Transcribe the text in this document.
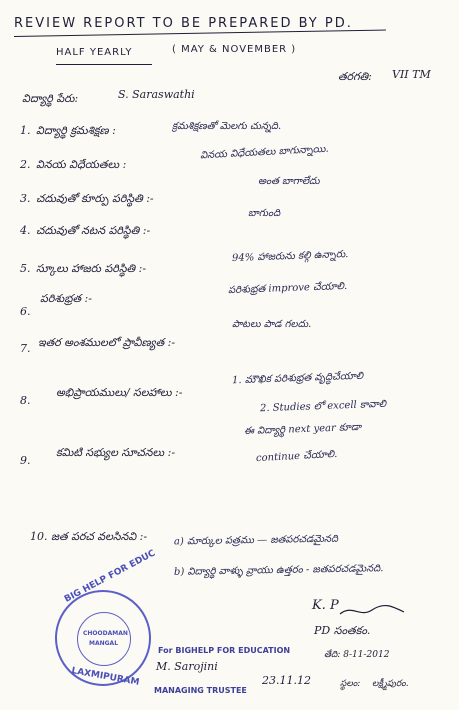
REVIEW REPORT TO BE PREPARED BY PD.
HALF YEARLY	( MAY & NOVEMBER )
విద్యార్థి పేరు:	S. Saraswathi
తరగతి: VII TM
1. విద్యార్థి క్రమశిక్షణ :	క్రమశిక్షణతో మెలగు చున్నది.
2. వినయ విధేయతలు :
వినయ విధేయతలు బాగున్నాయి.
3. చదువుతో కూర్పు పరిస్థితి :-
అంత బాగాలేదు
4. చదువుతో నటన పరిస్థితి :-
బాగుంది
5. స్కూలు హాజరు పరిస్థితి :-
94% హాజరును కల్గి ఉన్నారు.
6.
పరిశుభ్రత :-
పరిశుభ్రత improve చేయాలి.
7. ఇతర అంశములలో ప్రావీణ్యత :-
పాటలు పాడ గలదు.
8.
అభిప్రాయములు/ సలహాలు :-
1. మౌఖిక పరిశుభ్రత వృద్ధిచేయాలి
2. Studies లో excell కావాలి
9.
కమిటి సభ్యుల సూచనలు :-
ఈ విద్యార్థి next year కూడా
continue చేయాలి.
10. జత పరచ వలసినవి :-	a) మార్కుల పత్రము — జతపరచడమైనది
b) విద్యార్థి వాళ్ళు వ్రాయు ఉత్తరం - జతపరచడమైనది.
K. P
PD సంతకం.
తేది: 8-11-2012
స్థలం: లక్ష్మీపురం.
BIG HELP FOR EDUC
CHOODAMAN
MANGAL
LAXMIPURAM
For BIGHELP FOR EDUCATION
M. Sarojini
23.11.12
MANAGING TRUSTEE
